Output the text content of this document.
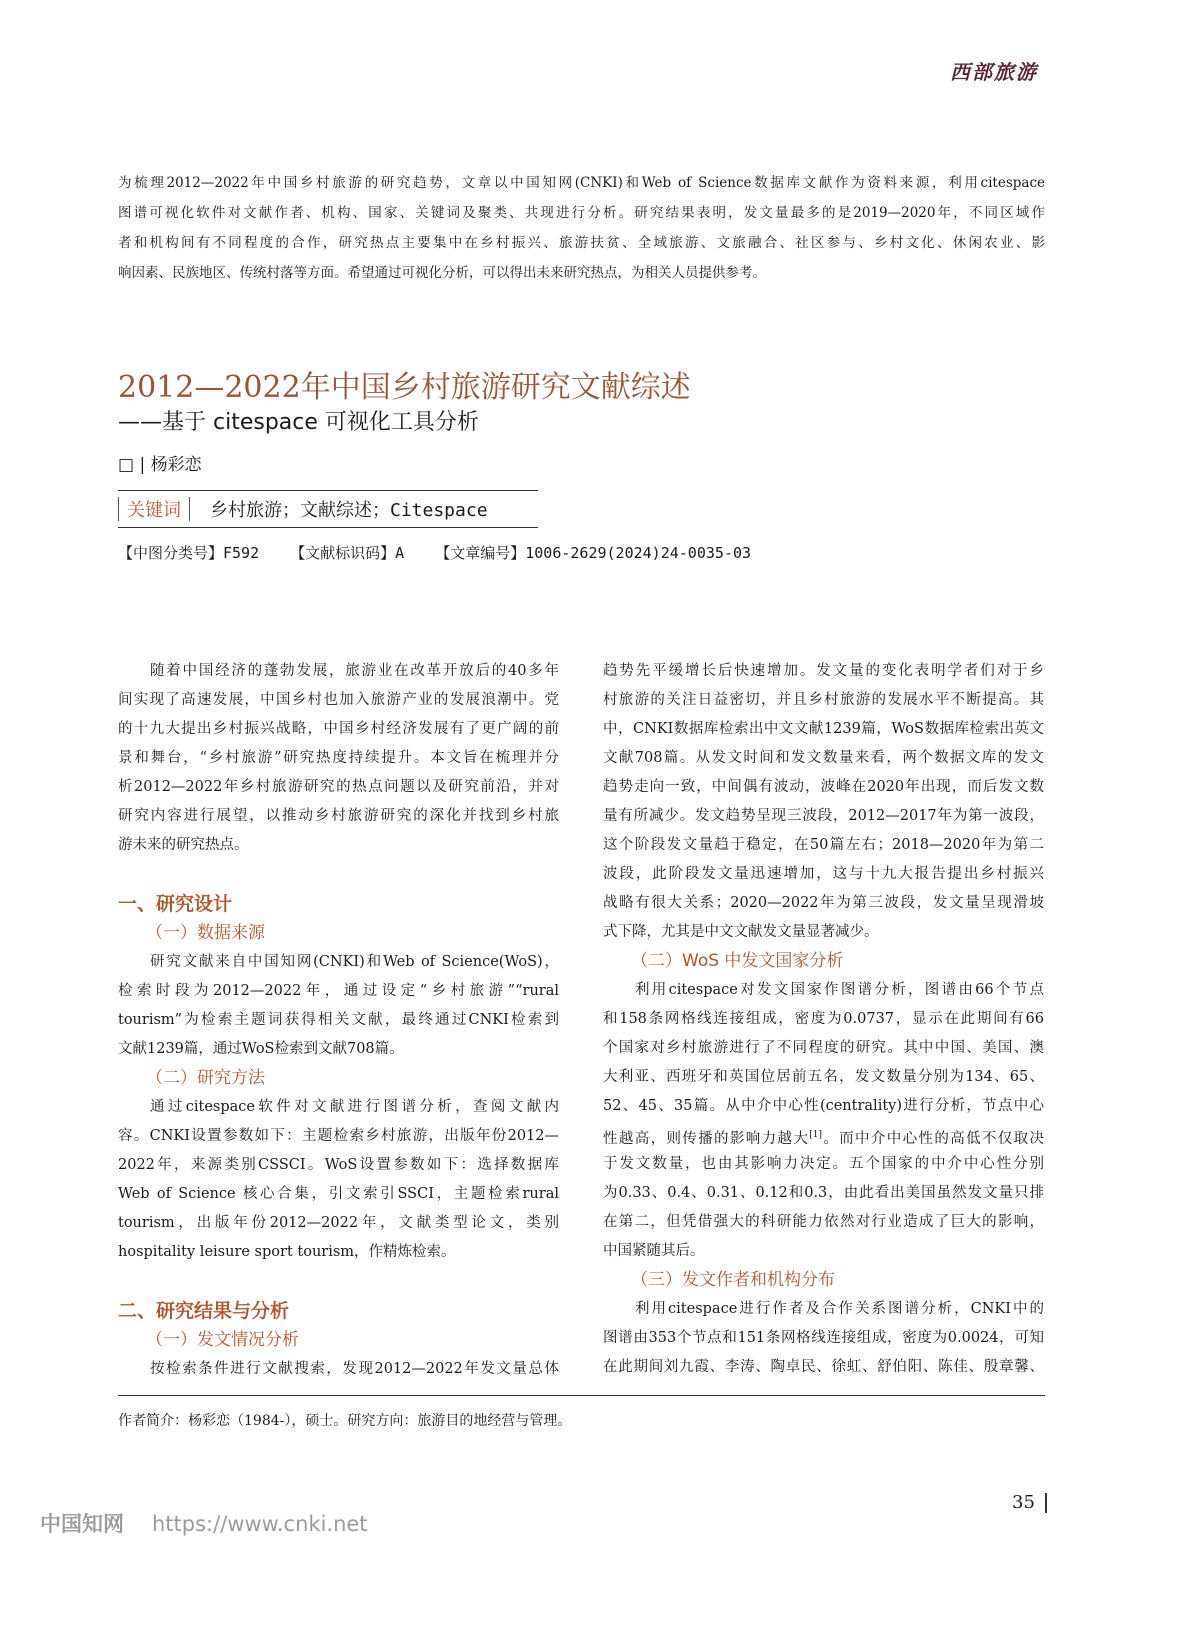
西部旅游
为梳理2012—2022年中国乡村旅游的研究趋势，文章以中国知网(CNKI)和Web of Science数据库文献作为资料来源，利用citespace
图谱可视化软件对文献作者、机构、国家、关键词及聚类、共现进行分析。研究结果表明，发文量最多的是2019—2020年，不同区域作
者和机构间有不同程度的合作，研究热点主要集中在乡村振兴、旅游扶贫、全域旅游、文旅融合、社区参与、乡村文化、休闲农业、影
响因素、民族地区、传统村落等方面。希望通过可视化分析，可以得出未来研究热点，为相关人员提供参考。
2012—2022年中国乡村旅游研究文献综述
——基于 citespace 可视化工具分析
□ | 杨彩恋
关键词 乡村旅游；文献综述；Citespace
【中图分类号】F592 【文献标识码】A 【文章编号】1006-2629(2024)24-0035-03
随着中国经济的蓬勃发展，旅游业在改革开放后的40多年
间实现了高速发展，中国乡村也加入旅游产业的发展浪潮中。党
的十九大提出乡村振兴战略，中国乡村经济发展有了更广阔的前
景和舞台，“乡村旅游”研究热度持续提升。本文旨在梳理并分
析2012—2022年乡村旅游研究的热点问题以及研究前沿，并对
研究内容进行展望，以推动乡村旅游研究的深化并找到乡村旅
游未来的研究热点。
一、研究设计
（一）数据来源
研究文献来自中国知网(CNKI)和Web of Science(WoS)，
检索时段为2012—2022年，通过设定“乡村旅游”“rural
tourism”为检索主题词获得相关文献，最终通过CNKI检索到
文献1239篇，通过WoS检索到文献708篇。
（二）研究方法
通过citespace软件对文献进行图谱分析，查阅文献内
容。CNKI设置参数如下：主题检索乡村旅游，出版年份2012—
2022年，来源类别CSSCI。WoS设置参数如下：选择数据库
Web of Science 核心合集，引文索引SSCI，主题检索rural
tourism，出版年份2012—2022年，文献类型论文，类别
hospitality leisure sport tourism，作精炼检索。
二、研究结果与分析
（一）发文情况分析
按检索条件进行文献搜索，发现2012—2022年发文量总体
趋势先平缓增长后快速增加。发文量的变化表明学者们对于乡
村旅游的关注日益密切，并且乡村旅游的发展水平不断提高。其
中，CNKI数据库检索出中文文献1239篇，WoS数据库检索出英文
文献708篇。从发文时间和发文数量来看，两个数据文库的发文
趋势走向一致，中间偶有波动，波峰在2020年出现，而后发文数
量有所减少。发文趋势呈现三波段，2012—2017年为第一波段，
这个阶段发文量趋于稳定，在50篇左右；2018—2020年为第二
波段，此阶段发文量迅速增加，这与十九大报告提出乡村振兴
战略有很大关系；2020—2022年为第三波段，发文量呈现滑坡
式下降，尤其是中文文献发文量显著减少。
（二）WoS 中发文国家分析
利用citespace对发文国家作图谱分析，图谱由66个节点
和158条网格线连接组成，密度为0.0737，显示在此期间有66
个国家对乡村旅游进行了不同程度的研究。其中中国、美国、澳
大利亚、西班牙和英国位居前五名，发文数量分别为134、65、
52、45、35篇。从中介中心性(centrality)进行分析，节点中心
性越高，则传播的影响力越大[1]。而中介中心性的高低不仅取决
于发文数量，也由其影响力决定。五个国家的中介中心性分别
为0.33、0.4、0.31、0.12和0.3，由此看出美国虽然发文量只排
在第二，但凭借强大的科研能力依然对行业造成了巨大的影响，
中国紧随其后。
（三）发文作者和机构分布
利用citespace进行作者及合作关系图谱分析，CNKI中的
图谱由353个节点和151条网格线连接组成，密度为0.0024，可知
在此期间刘九霞、李涛、陶卓民、徐虹、舒伯阳、陈佳、殷章馨、
作者简介：杨彩恋（1984-），硕士。研究方向：旅游目的地经营与管理。
35
中国知网 https://www.cnki.net
